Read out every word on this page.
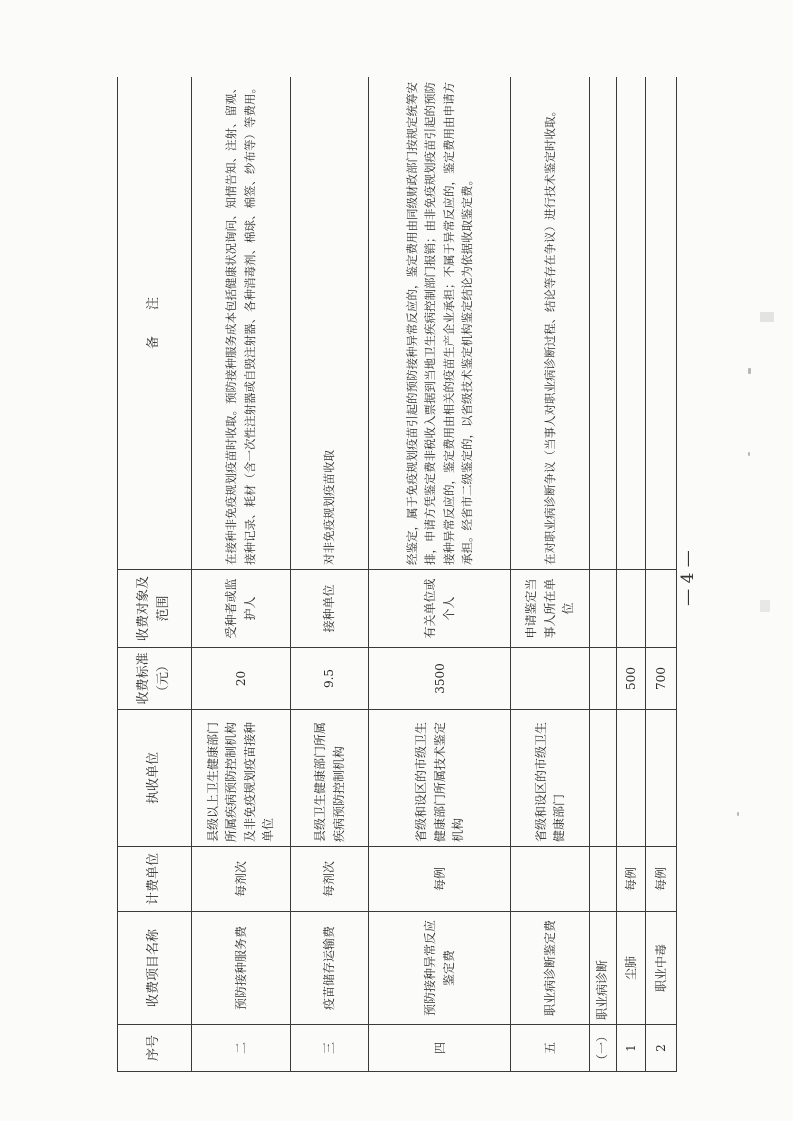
— 4 —
序号	收费项目名称	计费单位	执收单位	收费标准（元）	收费对象及范围	备　　注
二	预防接种服务费	每剂次	县级以上卫生健康部门所属疾病预防控制机构及非免疫规划疫苗接种单位	20	受种者或监护人	在接种非免疫规划疫苗时收取。预防接种服务成本包括健康状况询问、知情告知、注射、留观、接种记录、耗材（含一次性注射器或自毁注射器、各种消毒剂、棉球、棉签、纱布等）等费用。
三	疫苗储存运输费	每剂次	县级卫生健康部门所属疾病预防控制机构	9.5	接种单位	对非免疫规划疫苗收取
四	预防接种异常反应鉴定费	每例	省级和设区的市级卫生健康部门所属技术鉴定机构	3500	有关单位或个人	经鉴定，属于免疫规划疫苗引起的预防接种异常反应的，鉴定费用由同级财政部门按规定统筹安排，申请方凭鉴定费非税收入票据到当地卫生疾病控制部门报销；由非免疫规划疫苗引起的预防接种异常反应的，鉴定费用由相关的疫苗生产企业承担；不属于异常反应的，鉴定费用由申请方承担。经省市二级鉴定的，以省级技术鉴定机构鉴定结论为依据收取鉴定费。
五	职业病诊断鉴定费		省级和设区的市级卫生健康部门		申请鉴定当事人所在单位	在对职业病诊断争议（当事人对职业病诊断过程、结论等存在争议）进行技术鉴定时收取。
（一）	职业病诊断					
1	尘肺	每例		500		
2	职业中毒	每例		700		
